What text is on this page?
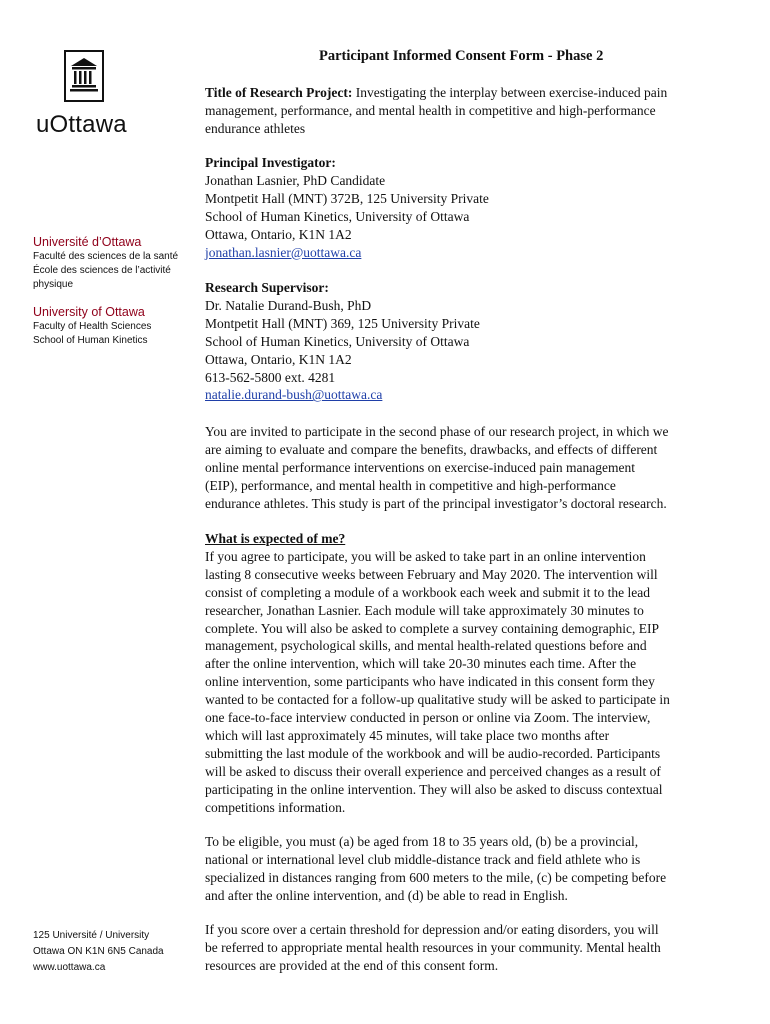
uOttawa
Université d’Ottawa
Faculté des sciences de la santé
École des sciences de l’activité
physique
University of Ottawa
Faculty of Health Sciences
School of Human Kinetics
125 Université / University
Ottawa ON K1N 6N5 Canada
www.uottawa.ca
Participant Informed Consent Form - Phase 2
Title of Research Project: Investigating the interplay between exercise-induced pain
management, performance, and mental health in competitive and high-performance
endurance athletes
Principal Investigator:
Jonathan Lasnier, PhD Candidate
Montpetit Hall (MNT) 372B, 125 University Private
School of Human Kinetics, University of Ottawa
Ottawa, Ontario, K1N 1A2
jonathan.lasnier@uottawa.ca
Research Supervisor:
Dr. Natalie Durand-Bush, PhD
Montpetit Hall (MNT) 369, 125 University Private
School of Human Kinetics, University of Ottawa
Ottawa, Ontario, K1N 1A2
613-562-5800 ext. 4281
natalie.durand-bush@uottawa.ca
You are invited to participate in the second phase of our research project, in which we
are aiming to evaluate and compare the benefits, drawbacks, and effects of different
online mental performance interventions on exercise-induced pain management
(EIP), performance, and mental health in competitive and high-performance
endurance athletes. This study is part of the principal investigator’s doctoral research.
What is expected of me?
If you agree to participate, you will be asked to take part in an online intervention
lasting 8 consecutive weeks between February and May 2020. The intervention will
consist of completing a module of a workbook each week and submit it to the lead
researcher, Jonathan Lasnier. Each module will take approximately 30 minutes to
complete. You will also be asked to complete a survey containing demographic, EIP
management, psychological skills, and mental health-related questions before and
after the online intervention, which will take 20-30 minutes each time. After the
online intervention, some participants who have indicated in this consent form they
wanted to be contacted for a follow-up qualitative study will be asked to participate in
one face-to-face interview conducted in person or online via Zoom. The interview,
which will last approximately 45 minutes, will take place two months after
submitting the last module of the workbook and will be audio-recorded. Participants
will be asked to discuss their overall experience and perceived changes as a result of
participating in the online intervention. They will also be asked to discuss contextual
competitions information.
To be eligible, you must (a) be aged from 18 to 35 years old, (b) be a provincial,
national or international level club middle-distance track and field athlete who is
specialized in distances ranging from 600 meters to the mile, (c) be competing before
and after the online intervention, and (d) be able to read in English.
If you score over a certain threshold for depression and/or eating disorders, you will
be referred to appropriate mental health resources in your community. Mental health
resources are provided at the end of this consent form.
